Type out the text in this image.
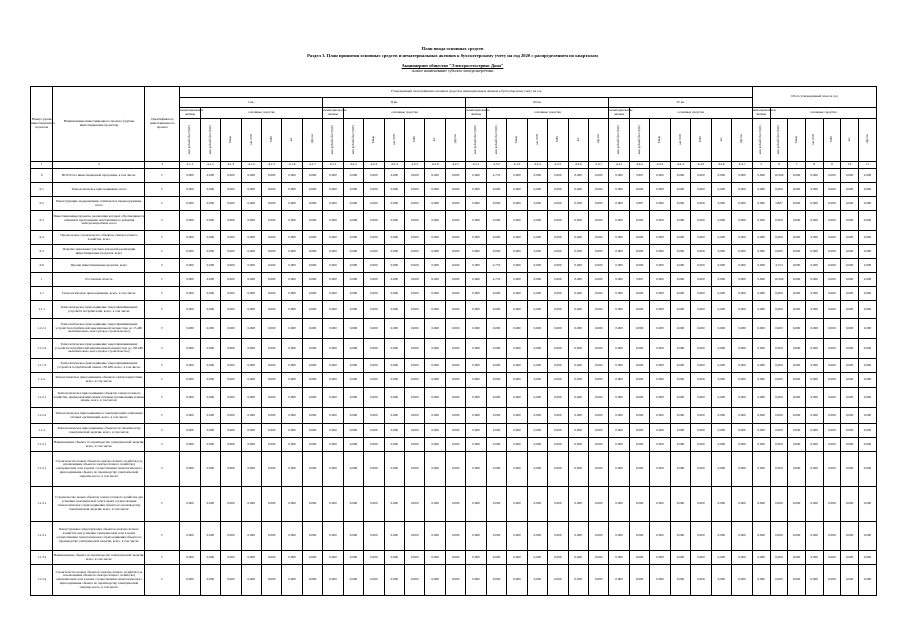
План ввода основных средств
Раздел 3. План принятия основных средств и нематериальных активов к бухгалтерскому учету на год 2020 с распределением по кварталам
Акционерное общество "Электросетьсервис Дона"
полное наименование субъекта электроэнергетики
Номер группы инвестиционных проектов	Наименование инвестиционного проекта (группы инвестиционных проектов)	Идентификатор инвестиционного проекта	Утвержденный план принятия основных средств и нематериальных активов к бухгалтерскому учету на год																												Итого утвержденный план за год						
			I кв.							II кв.							III кв.							IV кв.													
			нематериальные активы	основные средства						нематериальные активы	основные средства						нематериальные активы	основные средства						нематериальные активы	основные средства						нематериальные активы	основные средства					
			млн рублей (без НДС)	млн рублей (без НДС)	Мвар	км ЛЭП	МВт	шт.	Другое	млн рублей (без НДС)	млн рублей (без НДС)	Мвар	км ЛЭП	МВт	шт.	Другое	млн рублей (без НДС)	млн рублей (без НДС)	Мвар	км ЛЭП	МВт	шт.	Другое	млн рублей (без НДС)	млн рублей (без НДС)	Мвар	км ЛЭП	МВт	шт.	Другое	млн рублей (без НДС)	млн рублей (без НДС)	Мвар	км ЛЭП	МВт	шт.	Другое
1	2	3	4.1.1	4.1.2	4.1.3	4.1.4	4.1.5	4.1.6	4.1.7	4.2.1	4.2.2	4.2.3	4.2.4	4.2.5	4.2.6	4.2.7	4.3.1	4.3.2	4.3.3	4.3.4	4.3.5	4.3.6	4.3.7	4.4.1	4.4.2	4.4.3	4.4.4	4.4.5	4.4.6	4.4.7	5	6	7	8	9	10	11
0	ВСЕГО по инвестиционной программе, в том числе:	Г	0,000	0,000	0,000	0,000	0,000	0,000	0,000	0,000	0,000	0,000	0,000	0,000	0,000	0,000	0,000	4,753	0,000	0,000	0,000	0,000	0,000	0,000	5,807	0,000	0,000	0,000	0,000	0,000	0,000	10,560	0,000	0,000	0,000	0,000	2,000
0.1	Технологическое присоединение, всего	Г	0,000	0,000	0,000	0,000	0,000	0,000	0,000	0,000	0,000	0,000	0,000	0,000	0,000	0,000	0,000	0,000	0,000	0,000	0,000	0,000	0,000	0,000	0,000	0,000	0,000	0,000	0,000	0,000	0,000	0,000	0,000	0,000	0,000	0,000	0,000
0.2	Реконструкция, модернизация, техническое перевооружение, всего	Г	0,000	0,000	0,000	0,000	0,000	0,000	0,000	0,000	0,000	0,000	0,000	0,000	0,000	0,000	0,000	0,000	0,000	0,000	0,000	0,000	0,000	0,000	5,807	0,000	0,000	0,000	0,000	0,000	0,000	5,807	0,000	0,000	0,000	0,000	0,000
0.3	Инвестиционные проекты, реализация которых обуславливается схемами и программами перспективного развития электроэнергетики, всего	Г	0,000	0,000	0,000	0,000	0,000	0,000	0,000	0,000	0,000	0,000	0,000	0,000	0,000	0,000	0,000	0,000	0,000	0,000	0,000	0,000	0,000	0,000	0,000	0,000	0,000	0,000	0,000	0,000	0,000	0,000	0,000	0,000	0,000	0,000	0,000
0.4	Прочее новое строительство объектов электросетевого хозяйства, всего	Г	0,000	0,000	0,000	0,000	0,000	0,000	0,000	0,000	0,000	0,000	0,000	0,000	0,000	0,000	0,000	0,000	0,000	0,000	0,000	0,000	0,000	0,000	0,000	0,000	0,000	0,000	0,000	0,000	0,000	0,000	0,000	0,000	0,000	0,000	0,000
0.5	Покупка земельных участков для целей реализации инвестиционных проектов, всего	Г	0,000	0,000	0,000	0,000	0,000	0,000	0,000	0,000	0,000	0,000	0,000	0,000	0,000	0,000	0,000	0,000	0,000	0,000	0,000	0,000	0,000	0,000	0,000	0,000	0,000	0,000	0,000	0,000	0,000	0,000	0,000	0,000	0,000	0,000	0,000
0.6	Прочие инвестиционные проекты, всего	Г	0,000	0,000	0,000	0,000	0,000	0,000	0,000	0,000	0,000	0,000	0,000	0,000	0,000	0,000	0,000	4,753	0,000	0,000	0,000	0,000	0,000	0,000	0,000	0,000	0,000	0,000	0,000	0,000	0,000	4,753	0,000	0,000	0,000	0,000	2,000
1	Ростовская область	Г	0,000	0,000	0,000	0,000	0,000	0,000	0,000	0,000	0,000	0,000	0,000	0,000	0,000	0,000	0,000	4,753	0,000	0,000	0,000	0,000	0,000	0,000	5,807	0,000	0,000	0,000	0,000	0,000	0,000	10,560	0,000	0,000	0,000	0,000	2,000
1.1	Технологическое присоединение, всего, в том числе:	Г	0,000	0,000	0,000	0,000	0,000	0,000	0,000	0,000	0,000	0,000	0,000	0,000	0,000	0,000	0,000	0,000	0,000	0,000	0,000	0,000	0,000	0,000	0,000	0,000	0,000	0,000	0,000	0,000	0,000	0,000	0,000	0,000	0,000	0,000	0,000
1.1.1	Технологическое присоединение энергопринимающих устройств потребителей, всего, в том числе:	Г	0,000	0,000	0,000	0,000	0,000	0,000	0,000	0,000	0,000	0,000	0,000	0,000	0,000	0,000	0,000	0,000	0,000	0,000	0,000	0,000	0,000	0,000	0,000	0,000	0,000	0,000	0,000	0,000	0,000	0,000	0,000	0,000	0,000	0,000	0,000
1.1.2.1	Технологическое присоединение энергопринимающих устройств потребителей максимальной мощностью до 15 кВт включительно, всего (новое строительство)	Г	0,000	0,000	0,000	0,000	0,000	0,000	0,000	0,000	0,000	0,000	0,000	0,000	0,000	0,000	0,000	0,000	0,000	0,000	0,000	0,000	0,000	0,000	0,000	0,000	0,000	0,000	0,000	0,000	0,000	0,000	0,000	0,000	0,000	0,000	0,000
1.1.2.2	Технологическое присоединение энергопринимающих устройств потребителей максимальной мощностью до 150 кВт включительно, всего (новое строительство)	Г	0,000	0,000	0,000	0,000	0,000	0,000	0,000	0,000	0,000	0,000	0,000	0,000	0,000	0,000	0,000	0,000	0,000	0,000	0,000	0,000	0,000	0,000	0,000	0,000	0,000	0,000	0,000	0,000	0,000	0,000	0,000	0,000	0,000	0,000	0,000
1.1.1.3	Технологическое присоединение энергопринимающих устройств потребителей свыше 150 кВт, всего, в том числе:	Г	0,000	0,000	0,000	0,000	0,000	0,000	0,000	0,000	0,000	0,000	0,000	0,000	0,000	0,000	0,000	0,000	0,000	0,000	0,000	0,000	0,000	0,000	0,000	0,000	0,000	0,000	0,000	0,000	0,000	0,000	0,000	0,000	0,000	0,000	0,000
1.1.2.	Технологическое присоединение объектов электроэнергетики, всего, в том числе:	Г	0,000	0,000	0,000	0,000	0,000	0,000	0,000	0,000	0,000	0,000	0,000	0,000	0,000	0,000	0,000	0,000	0,000	0,000	0,000	0,000	0,000	0,000	0,000	0,000	0,000	0,000	0,000	0,000	0,000	0,000	0,000	0,000	0,000	0,000	0,000
1.1.2.1	Технологическое присоединение объектов электросетевого хозяйства, принадлежащих иным сетевым организациям и иным лицам, всего, в том числе:	Г	0,000	0,000	0,000	0,000	0,000	0,000	0,000	0,000	0,000	0,000	0,000	0,000	0,000	0,000	0,000	0,000	0,000	0,000	0,000	0,000	0,000	0,000	0,000	0,000	0,000	0,000	0,000	0,000	0,000	0,000	0,000	0,000	0,000	0,000	0,000
1.1.2.2	Технологическое присоединение к электрическим сетям иных сетевых организаций, всего, в том числе:	Г	0,000	0,000	0,000	0,000	0,000	0,000	0,000	0,000	0,000	0,000	0,000	0,000	0,000	0,000	0,000	0,000	0,000	0,000	0,000	0,000	0,000	0,000	0,000	0,000	0,000	0,000	0,000	0,000	0,000	0,000	0,000	0,000	0,000	0,000	0,000
1.1.3	Технологическое присоединение объектов по производству электрической энергии, всего, в том числе:	Г	0,000	0,000	0,000	0,000	0,000	0,000	0,000	0,000	0,000	0,000	0,000	0,000	0,000	0,000	0,000	0,000	0,000	0,000	0,000	0,000	0,000	0,000	0,000	0,000	0,000	0,000	0,000	0,000	0,000	0,000	0,000	0,000	0,000	0,000	0,000
1.1.3.1	Наименование объекта по производству электрической энергии, всего, в том числе:	Г	0,000	0,000	0,000	0,000	0,000	0,000	0,000	0,000	0,000	0,000	0,000	0,000	0,000	0,000	0,000	0,000	0,000	0,000	0,000	0,000	0,000	0,000	0,000	0,000	0,000	0,000	0,000	0,000	0,000	0,000	0,000	0,000	0,000	0,000	0,000
1.1.3.1	Строительство новых объектов электросетевого хозяйства (за исключением объектов электросетевого хозяйства) электрической сети в целях осуществления технологического присоединения объекта по производству электрической энергии, всего, в том числе:	Г	0,000	0,000	0,000	0,000	0,000	0,000	0,000	0,000	0,000	0,000	0,000	0,000	0,000	0,000	0,000	0,000	0,000	0,000	0,000	0,000	0,000	0,000	0,000	0,000	0,000	0,000	0,000	0,000	0,000	0,000	0,000	0,000	0,000	0,000	0,000
1.1.3.1	Строительство новых объектов электросетевого хозяйства для усиления электрической сети в целях осуществления технологического присоединения объекта по производству электрической энергии, всего, в том числе:	Г	0,000	0,000	0,000	0,000	0,000	0,000	0,000	0,000	0,000	0,000	0,000	0,000	0,000	0,000	0,000	0,000	0,000	0,000	0,000	0,000	0,000	0,000	0,000	0,000	0,000	0,000	0,000	0,000	0,000	0,000	0,000	0,000	0,000	0,000	0,000
1.1.3.1	Реконструкция существующих объектов электросетевого хозяйства для усиления электрической сети в целях осуществления технологического присоединения объекта по производству электрической энергии, всего, в том числе:	Г	0,000	0,000	0,000	0,000	0,000	0,000	0,000	0,000	0,000	0,000	0,000	0,000	0,000	0,000	0,000	0,000	0,000	0,000	0,000	0,000	0,000	0,000	0,000	0,000	0,000	0,000	0,000	0,000	0,000	0,000	0,000	0,000	0,000	0,000	0,000
1.1.3.2	Наименование объекта по производству электрической энергии, всего, в том числе:	Г	0,000	0,000	0,000	0,000	0,000	0,000	0,000	0,000	0,000	0,000	0,000	0,000	0,000	0,000	0,000	0,000	0,000	0,000	0,000	0,000	0,000	0,000	0,000	0,000	0,000	0,000	0,000	0,000	0,000	0,000	0,000	0,000	0,000	0,000	0,000
1.1.3.2	Строительство новых объектов электросетевого хозяйства (за исключением объектов электросетевого хозяйства) электрической сети в целях осуществления технологического присоединения объекта по производству электрической энергии, всего, в том числе:	Г	0,000	0,000	0,000	0,000	0,000	0,000	0,000	0,000	0,000	0,000	0,000	0,000	0,000	0,000	0,000	0,000	0,000	0,000	0,000	0,000	0,000	0,000	0,000	0,000	0,000	0,000	0,000	0,000	0,000	0,000	0,000	0,000	0,000	0,000	0,000
